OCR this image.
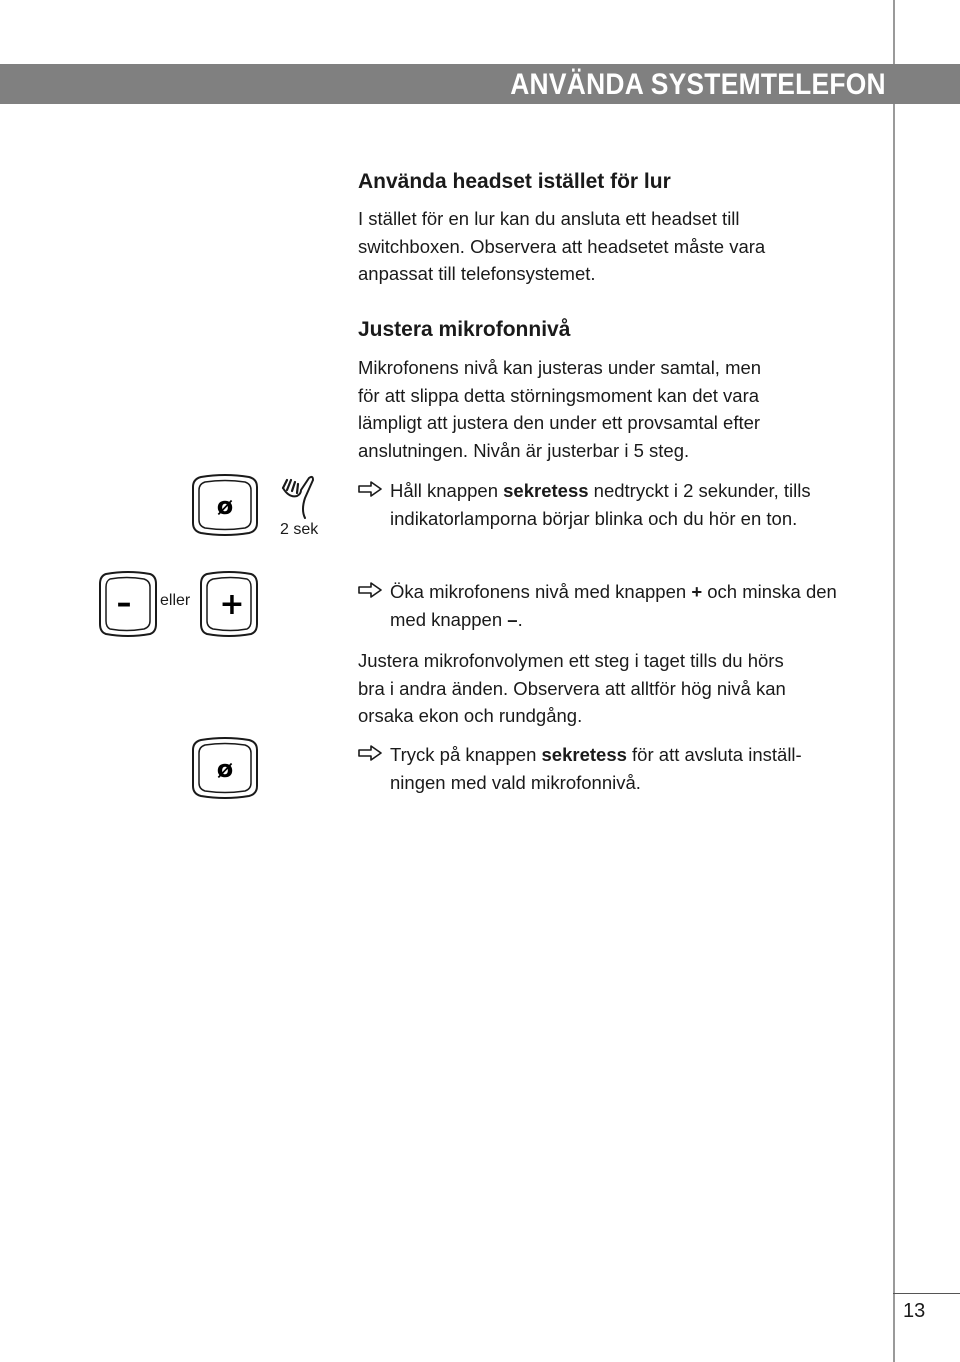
ANVÄNDA SYSTEMTELEFON
Använda headset istället för lur
I stället för en lur kan du ansluta ett headset till
switchboxen. Observera att headsetet måste vara
anpassat till telefonsystemet.
Justera mikrofonnivå
Mikrofonens nivå kan justeras under samtal, men
för att slippa detta störningsmoment kan det vara
lämpligt att justera den under ett provsamtal efter
anslutningen. Nivån är justerbar i 5 steg.

Håll knappen sekretess nedtryckt i 2 sekunder, tills indikatorlamporna börjar blinka och du hör en ton.

Öka mikrofonens nivå med knappen + och minska den med knappen –.

Justera mikrofonvolymen ett steg i taget tills du hörs
bra i andra änden. Observera att alltför hög nivå kan
orsaka ekon och rundgång.

Tryck på knappen sekretess för att avsluta inställ-ningen med vald mikrofonnivå.

ø

2 sek

– eller +
ø

13
